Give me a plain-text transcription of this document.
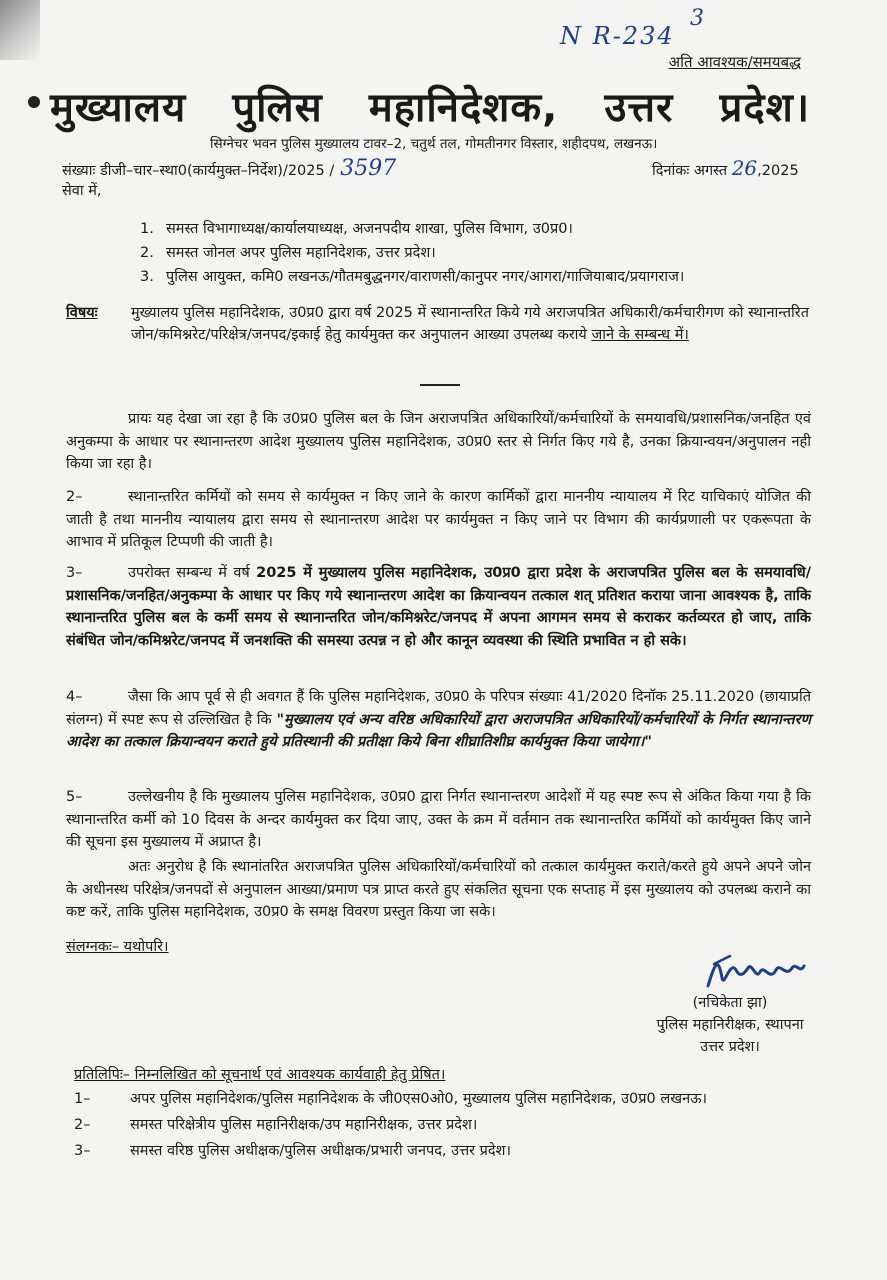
N R-234
3
अति आवश्यक/समयबद्ध
मुख्यालय पुलिस महानिदेशक, उत्तर प्रदेश।
सिग्नेचर भवन पुलिस मुख्यालय टावर–2, चतुर्थ तल, गोमतीनगर विस्तार, शहीदपथ, लखनऊ।
संख्याः डीजी–चार–स्था0(कार्यमुक्त–निर्देश)/2025 / 3597	दिनांकः अगस्त 26,2025
सेवा में,
1. समस्त विभागाध्यक्ष/कार्यालयाध्यक्ष, अजनपदीय शाखा, पुलिस विभाग, उ0प्र0।
2. समस्त जोनल अपर पुलिस महानिदेशक, उत्तर प्रदेश।
3. पुलिस आयुक्त, कमि0 लखनऊ/गौतमबुद्धनगर/वाराणसी/कानुपर नगर/आगरा/गाजियाबाद/प्रयागराज।
विषयः मुख्यालय पुलिस महानिदेशक, उ0प्र0 द्वारा वर्ष 2025 में स्थानान्तरित किये गये अराजपत्रित अधिकारी/कर्मचारीगण को स्थानान्तरित जोन/कमिश्नरेट/परिक्षेत्र/जनपद/इकाई हेतु कार्यमुक्त कर अनुपालन आख्या उपलब्ध कराये जाने के सम्बन्ध में।
प्रायः यह देखा जा रहा है कि उ0प्र0 पुलिस बल के जिन अराजपत्रित अधिकारियों/कर्मचारियों के समयावधि/प्रशासनिक/जनहित एवं अनुकम्पा के आधार पर स्थानान्तरण आदेश मुख्यालय पुलिस महानिदेशक, उ0प्र0 स्तर से निर्गत किए गये है, उनका क्रियान्वयन/अनुपालन नही किया जा रहा है।
2–	स्थानान्तरित कर्मियों को समय से कार्यमुक्त न किए जाने के कारण कार्मिकों द्वारा माननीय न्यायालय में रिट याचिकाएं योजित की जाती है तथा माननीय न्यायालय द्वारा समय से स्थानान्तरण आदेश पर कार्यमुक्त न किए जाने पर विभाग की कार्यप्रणाली पर एकरूपता के आभाव में प्रतिकूल टिप्पणी की जाती है।
3–	उपरोक्त सम्बन्ध में वर्ष 2025 में मुख्यालय पुलिस महानिदेशक, उ0प्र0 द्वारा प्रदेश के अराजपत्रित पुलिस बल के समयावधि/प्रशासनिक/जनहित/अनुकम्पा के आधार पर किए गये स्थानान्तरण आदेश का क्रियान्वयन तत्काल शत् प्रतिशत कराया जाना आवश्यक है, ताकि स्थानान्तरित पुलिस बल के कर्मी समय से स्थानान्तरित जोन/कमिश्नरेट/जनपद में अपना आगमन समय से कराकर कर्तव्यरत हो जाए, ताकि संबंधित जोन/कमिश्नरेट/जनपद में जनशक्ति की समस्या उत्पन्न न हो और कानून व्यवस्था की स्थिति प्रभावित न हो सके।
4–	जैसा कि आप पूर्व से ही अवगत हैं कि पुलिस महानिदेशक, उ0प्र0 के परिपत्र संख्याः 41/2020 दिनॉक 25.11.2020 (छायाप्रति संलग्न) में स्पष्ट रूप से उल्लिखित है कि "मुख्यालय एवं अन्य वरिष्ठ अधिकारियों द्वारा अराजपत्रित अधिकारियों/कर्मचारियों के निर्गत स्थानान्तरण आदेश का तत्काल क्रियान्वयन कराते हुये प्रतिस्थानी की प्रतीक्षा किये बिना शीघ्रातिशीघ्र कार्यमुक्त किया जायेगा।"
5–	उल्लेखनीय है कि मुख्यालय पुलिस महानिदेशक, उ0प्र0 द्वारा निर्गत स्थानान्तरण आदेशों में यह स्पष्ट रूप से अंकित किया गया है कि स्थानान्तरित कर्मी को 10 दिवस के अन्दर कार्यमुक्त कर दिया जाए, उक्त के क्रम में वर्तमान तक स्थानान्तरित कर्मियों को कार्यमुक्त किए जाने की सूचना इस मुख्यालय में अप्राप्त है।
अतः अनुरोध है कि स्थानांतरित अराजपत्रित पुलिस अधिकारियों/कर्मचारियों को तत्काल कार्यमुक्त कराते/करते हुये अपने अपने जोन के अधीनस्थ परिक्षेत्र/जनपदों से अनुपालन आख्या/प्रमाण पत्र प्राप्त करते हुए संकलित सूचना एक सप्ताह में इस मुख्यालय को उपलब्ध कराने का कष्ट करें, ताकि पुलिस महानिदेशक, उ0प्र0 के समक्ष विवरण प्रस्तुत किया जा सके।
संलग्नकः– यथोपरि।
(नचिकेता झा)
पुलिस महानिरीक्षक, स्थापना
उत्तर प्रदेश।
प्रतिलिपिः– निम्नलिखित को सूचनार्थ एवं आवश्यक कार्यवाही हेतु प्रेषित।
1–	अपर पुलिस महानिदेशक/पुलिस महानिदेशक के जी0एस0ओ0, मुख्यालय पुलिस महानिदेशक, उ0प्र0 लखनऊ।
2–	समस्त परिक्षेत्रीय पुलिस महानिरीक्षक/उप महानिरीक्षक, उत्तर प्रदेश।
3–	समस्त वरिष्ठ पुलिस अधीक्षक/पुलिस अधीक्षक/प्रभारी जनपद, उत्तर प्रदेश।
